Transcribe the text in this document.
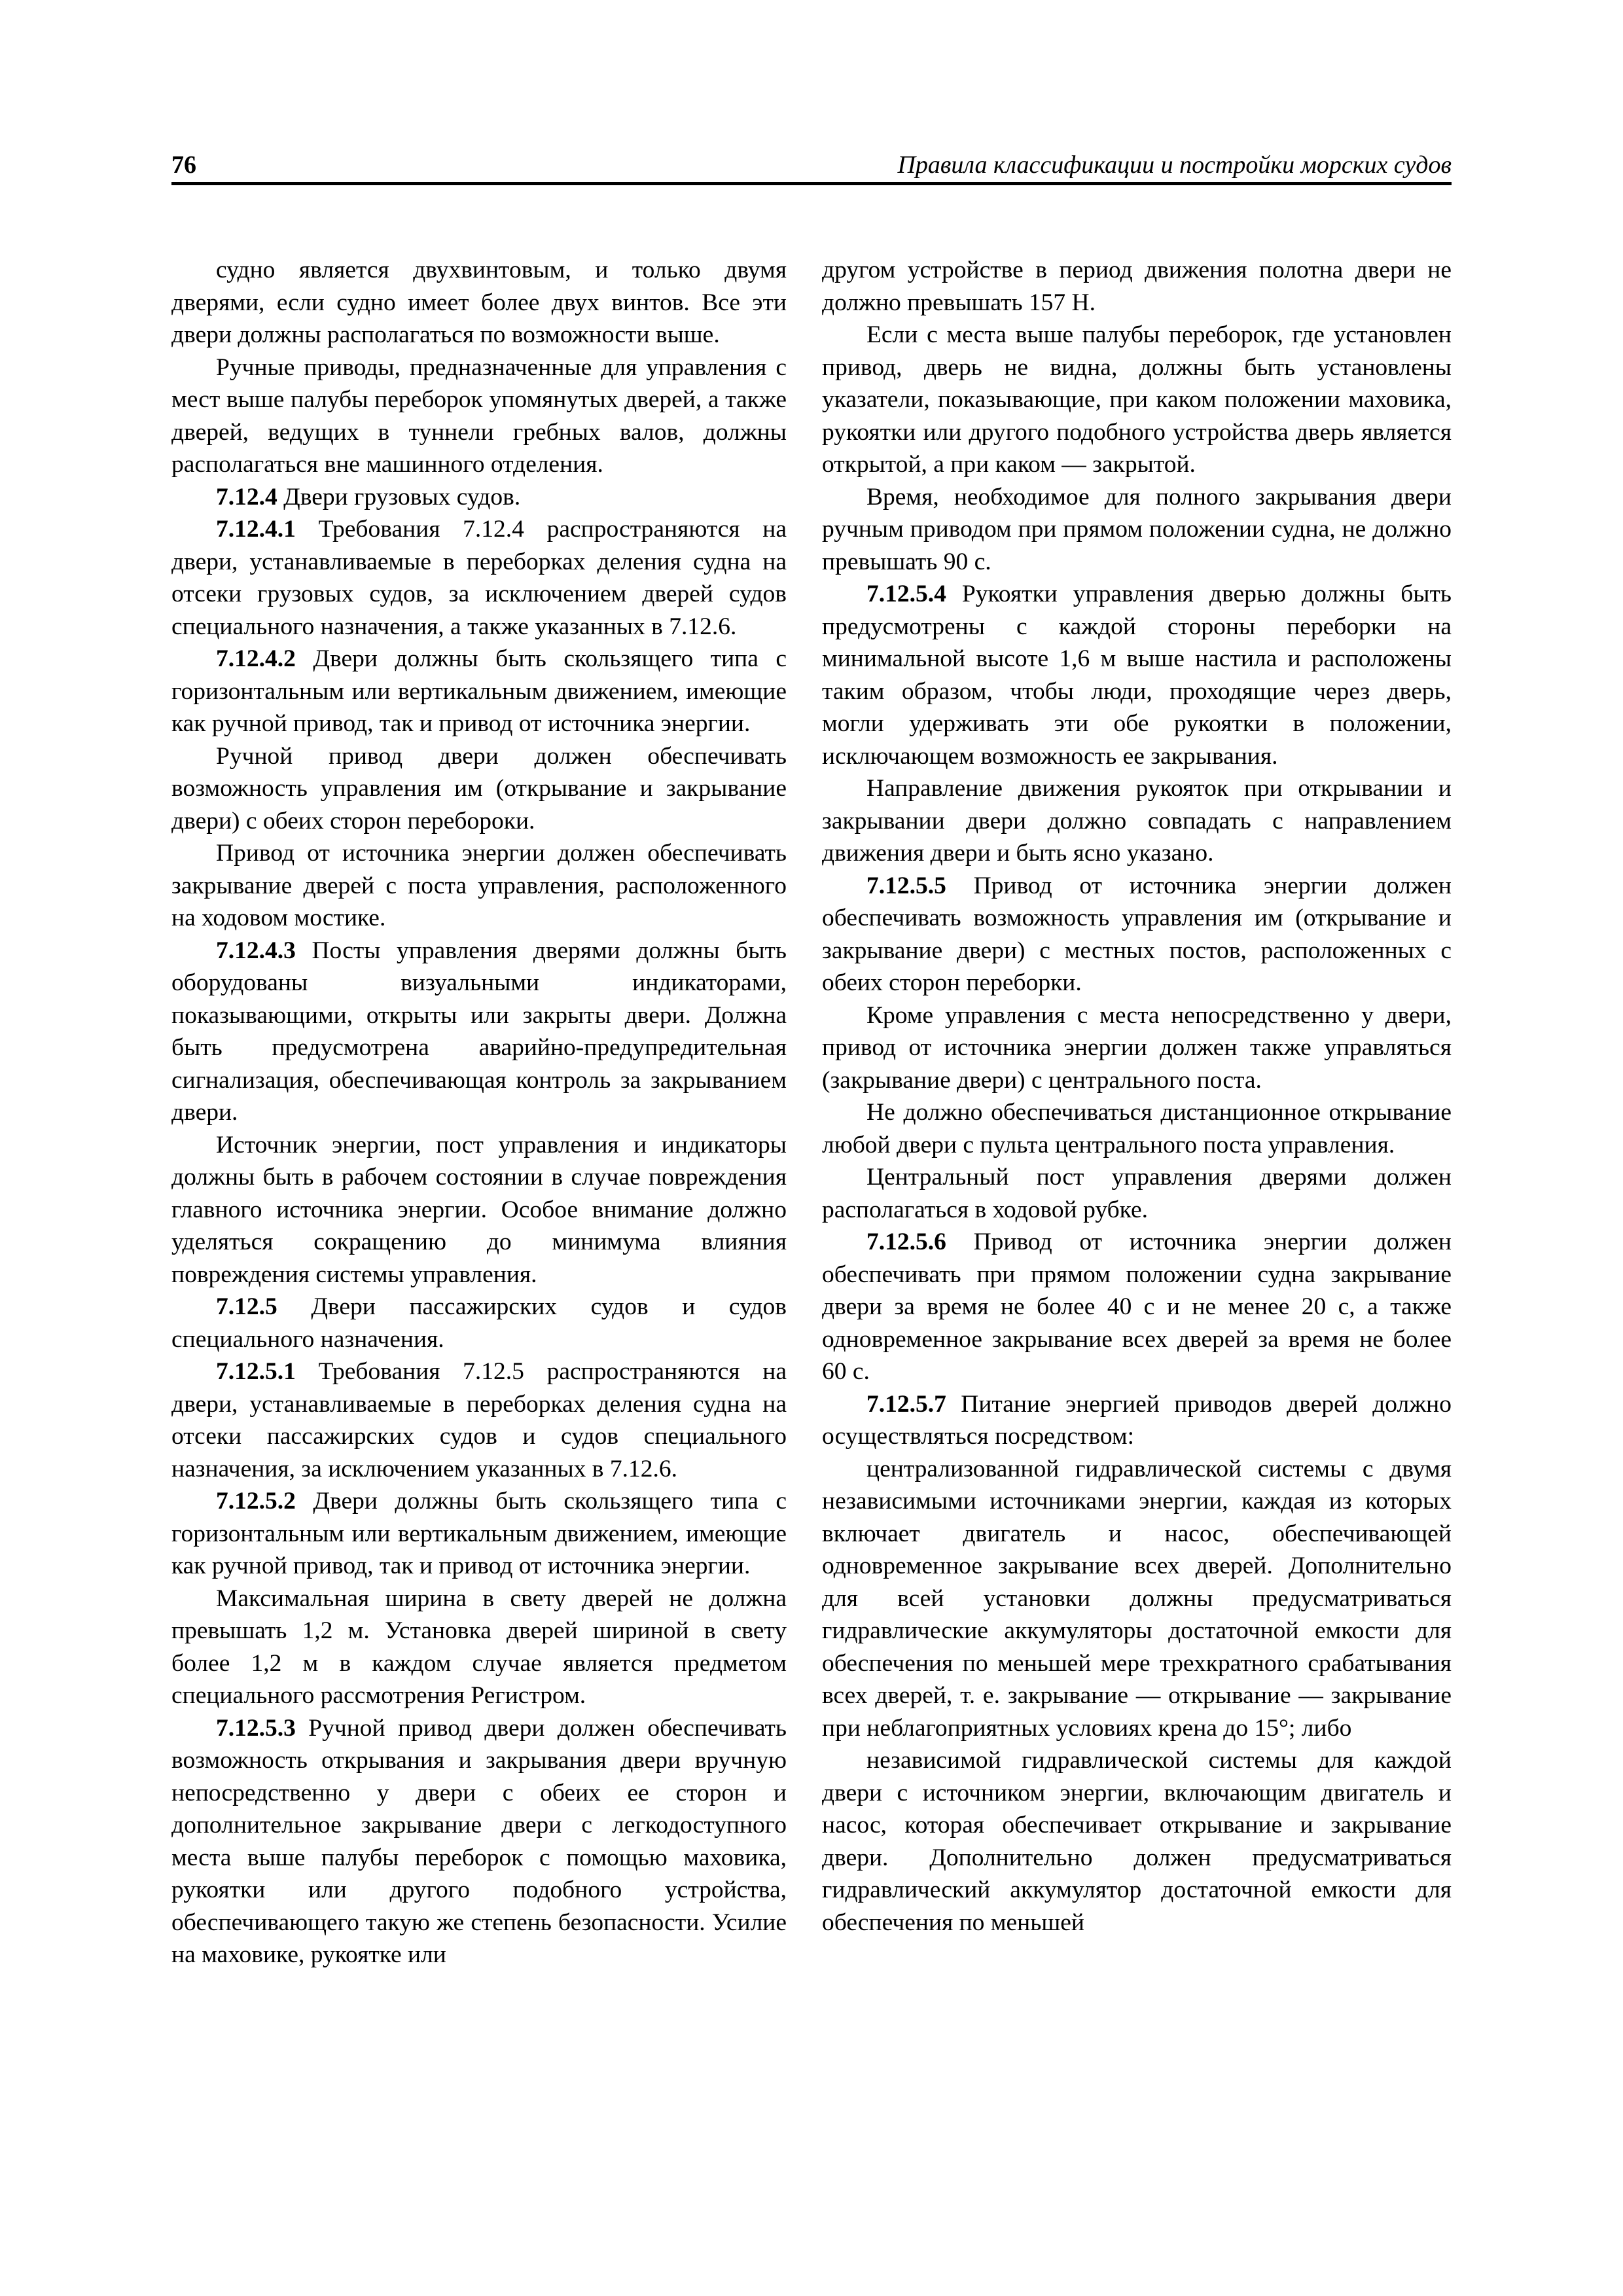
76	Правила классификации и постройки морских судов

судно является двухвинтовым, и только двумя дверями, если судно имеет более двух винтов. Все эти двери должны располагаться по возможности выше.

Ручные приводы, предназначенные для управления с мест выше палубы переборок упомянутых дверей, а также дверей, ведущих в туннели гребных валов, должны располагаться вне машинного отделения.

7.12.4 Двери грузовых судов.

7.12.4.1 Требования 7.12.4 распространяются на двери, устанавливаемые в переборках деления судна на отсеки грузовых судов, за исключением дверей судов специального назначения, а также указанных в 7.12.6.

7.12.4.2 Двери должны быть скользящего типа с горизонтальным или вертикальным движением, имеющие как ручной привод, так и привод от источника энергии.

Ручной привод двери должен обеспечивать возможность управления им (открывание и закрывание двери) с обеих сторон перебороки.

Привод от источника энергии должен обеспечивать закрывание дверей с поста управления, расположенного на ходовом мостике.

7.12.4.3 Посты управления дверями должны быть оборудованы визуальными индикаторами, показывающими, открыты или закрыты двери. Должна быть предусмотрена аварийно-предупредительная сигнализация, обеспечивающая контроль за закрыванием двери.

Источник энергии, пост управления и индикаторы должны быть в рабочем состоянии в случае повреждения главного источника энергии. Особое внимание должно уделяться сокращению до минимума влияния повреждения системы управления.

7.12.5 Двери пассажирских судов и судов специального назначения.

7.12.5.1 Требования 7.12.5 распространяются на двери, устанавливаемые в переборках деления судна на отсеки пассажирских судов и судов специального назначения, за исключением указанных в 7.12.6.

7.12.5.2 Двери должны быть скользящего типа с горизонтальным или вертикальным движением, имеющие как ручной привод, так и привод от источника энергии.

Максимальная ширина в свету дверей не должна превышать 1,2 м. Установка дверей шириной в свету более 1,2 м в каждом случае является предметом специального рассмотрения Регистром.

7.12.5.3 Ручной привод двери должен обеспечивать возможность открывания и закрывания двери вручную непосредственно у двери с обеих ее сторон и дополнительное закрывание двери с легкодоступного места выше палубы переборок с помощью маховика, рукоятки или другого подобного устройства, обеспечивающего такую же степень безопасности. Усилие на маховике, рукоятке или

другом устройстве в период движения полотна двери не должно превышать 157 Н.

Если с места выше палубы переборок, где установлен привод, дверь не видна, должны быть установлены указатели, показывающие, при каком положении маховика, рукоятки или другого подобного устройства дверь является открытой, а при каком — закрытой.

Время, необходимое для полного закрывания двери ручным приводом при прямом положении судна, не должно превышать 90 с.

7.12.5.4 Рукоятки управления дверью должны быть предусмотрены с каждой стороны переборки на минимальной высоте 1,6 м выше настила и расположены таким образом, чтобы люди, проходящие через дверь, могли удерживать эти обе рукоятки в положении, исключающем возможность ее закрывания.

Направление движения рукояток при открывании и закрывании двери должно совпадать с направлением движения двери и быть ясно указано.

7.12.5.5 Привод от источника энергии должен обеспечивать возможность управления им (открывание и закрывание двери) с местных постов, расположенных с обеих сторон переборки.

Кроме управления с места непосредственно у двери, привод от источника энергии должен также управляться (закрывание двери) с центрального поста.

Не должно обеспечиваться дистанционное открывание любой двери с пульта центрального поста управления.

Центральный пост управления дверями должен располагаться в ходовой рубке.

7.12.5.6 Привод от источника энергии должен обеспечивать при прямом положении судна закрывание двери за время не более 40 с и не менее 20 с, а также одновременное закрывание всех дверей за время не более 60 с.

7.12.5.7 Питание энергией приводов дверей должно осуществляться посредством:

централизованной гидравлической системы с двумя независимыми источниками энергии, каждая из которых включает двигатель и насос, обеспечивающей одновременное закрывание всех дверей. Дополнительно для всей установки должны предусматриваться гидравлические аккумуляторы достаточной емкости для обеспечения по меньшей мере трехкратного срабатывания всех дверей, т. е. закрывание — открывание — закрывание при неблагоприятных условиях крена до 15°; либо

независимой гидравлической системы для каждой двери с источником энергии, включающим двигатель и насос, которая обеспечивает открывание и закрывание двери. Дополнительно должен предусматриваться гидравлический аккумулятор достаточной емкости для обеспечения по меньшей
